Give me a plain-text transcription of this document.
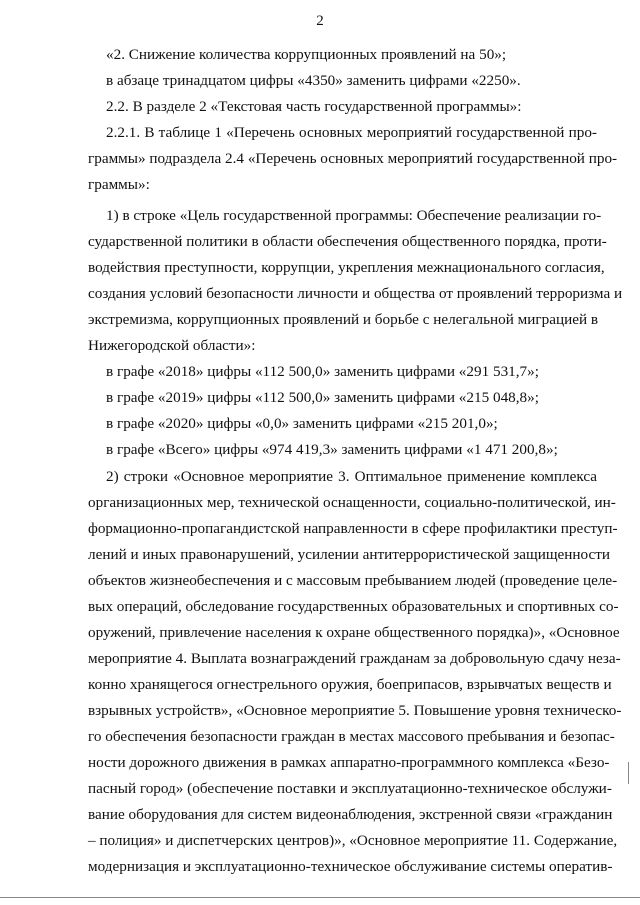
2
«2. Снижение количества коррупционных проявлений на 50»;
в абзаце тринадцатом цифры «4350» заменить цифрами «2250».
2.2. В разделе 2 «Текстовая часть государственной программы»:
2.2.1. В таблице 1 «Перечень основных мероприятий государственной про-
граммы» подраздела 2.4 «Перечень основных мероприятий государственной про-
граммы»:
1) в строке «Цель государственной программы: Обеспечение реализации го-
сударственной политики в области обеспечения общественного порядка, проти-
водействия преступности, коррупции, укрепления межнационального согласия,
создания условий безопасности личности и общества от проявлений терроризма и
экстремизма, коррупционных проявлений и борьбе с нелегальной миграцией в
Нижегородской области»:
в графе «2018» цифры «112 500,0» заменить цифрами «291 531,7»;
в графе «2019» цифры «112 500,0» заменить цифрами «215 048,8»;
в графе «2020» цифры «0,0» заменить цифрами «215 201,0»;
в графе «Всего» цифры «974 419,3» заменить цифрами «1 471 200,8»;
2) строки «Основное мероприятие 3. Оптимальное применение комплекса
организационных мер, технической оснащенности, социально-политической, ин-
формационно-пропагандистской направленности в сфере профилактики преступ-
лений и иных правонарушений, усилении антитеррористической защищенности
объектов жизнеобеспечения и с массовым пребыванием людей (проведение целе-
вых операций, обследование государственных образовательных и спортивных со-
оружений, привлечение населения к охране общественного порядка)», «Основное
мероприятие 4. Выплата вознаграждений гражданам за добровольную сдачу неза-
конно хранящегося огнестрельного оружия, боеприпасов, взрывчатых веществ и
взрывных устройств», «Основное мероприятие 5. Повышение уровня техническо-
го обеспечения безопасности граждан в местах массового пребывания и безопас-
ности дорожного движения в рамках аппаратно-программного комплекса «Безо-
пасный город» (обеспечение поставки и эксплуатационно-техническое обслужи-
вание оборудования для систем видеонаблюдения, экстренной связи «гражданин
– полиция» и диспетчерских центров)», «Основное мероприятие 11. Содержание,
модернизация и эксплуатационно-техническое обслуживание системы оператив-
